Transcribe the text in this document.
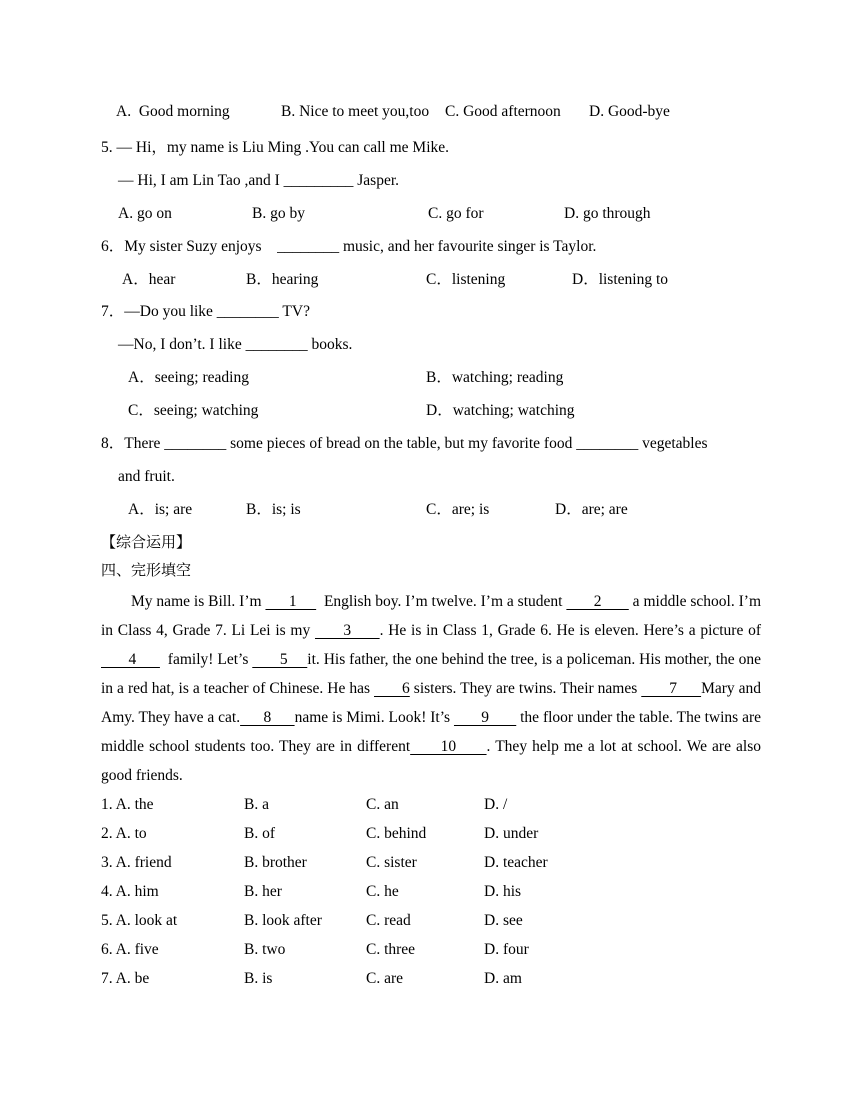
A.  Good morning	B. Nice to meet you,too C. Good afternoon D. Good-bye
5. — Hi，my name is Liu Ming .You can call me Mike.
— Hi, I am Lin Tao ,and I _________ Jasper.
A. go on	B. go by	C. go for	D. go through
6．My sister Suzy enjoys    ________ music, and her favourite singer is Taylor.
A．hear	B．hearing	C．listening	D．listening to
7．—Do you like ________ TV?
—No, I don’t. I like ________ books.
A．seeing; reading	B．watching; reading
C．seeing; watching	D．watching; watching
8．There ________ some pieces of bread on the table, but my favorite food ________ vegetables
and fruit.
A．is; are	B．is; is	C．are; is	D．are; are
【综合运用】
四、完形填空
My name is Bill. I’m       1       English boy. I’m twelve. I’m a student        2        a middle school. I’m in Class 4, Grade 7. Li Lei is my       3      . He is in Class 1, Grade 6. He is eleven. Here’s a picture of        4        family! Let’s        5     it. His father, the one behind the tree, is a policeman. His mother, the one in a red hat, is a teacher of Chinese. He has        6 sisters. They are twins. Their names        7      Mary and Amy. They have a cat.      8      name is Mimi. Look! It’s        9        the floor under the table. The twins are middle school students too. They are in different      10      . They help me a lot at school. We are also good friends.
1. A. the	B. a	C. an	D. /
2. A. to	B. of	C. behind	D. under
3. A. friend	B. brother	C. sister	D. teacher
4. A. him	B. her	C. he	D. his
5. A. look at	B. look after	C. read	D. see
6. A. five	B. two	C. three	D. four
7. A. be	B. is	C. are	D. am
